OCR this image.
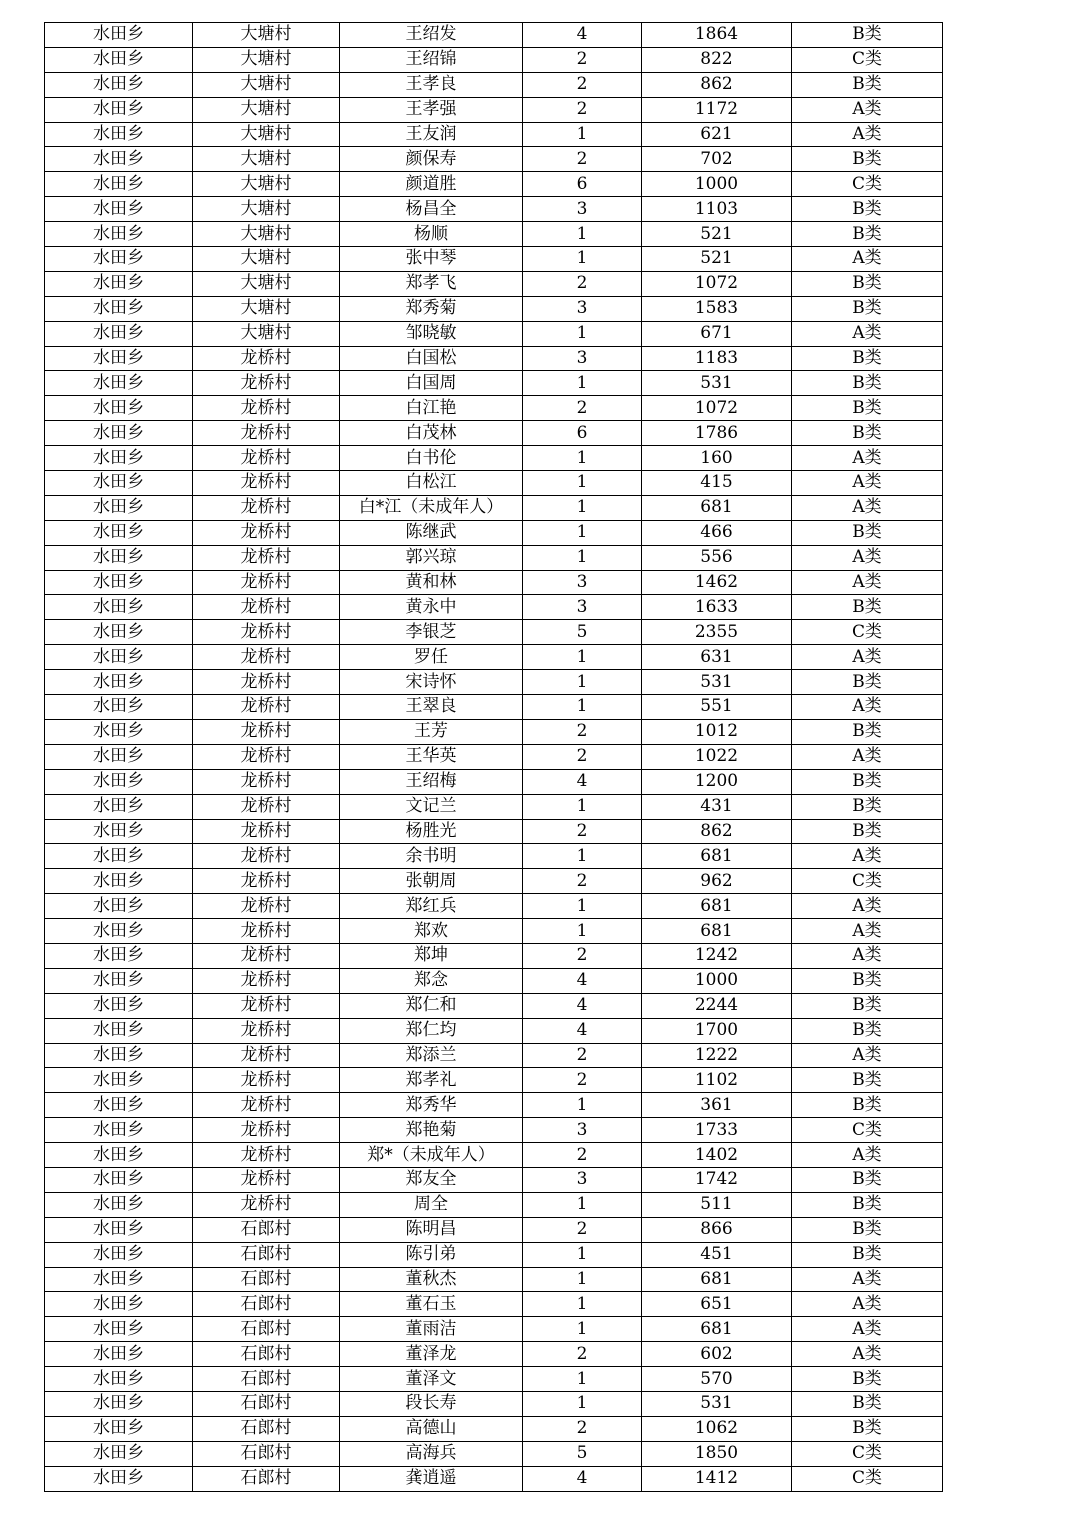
水田乡	大塘村	王绍发	4	1864	B类
水田乡	大塘村	王绍锦	2	822	C类
水田乡	大塘村	王孝良	2	862	B类
水田乡	大塘村	王孝强	2	1172	A类
水田乡	大塘村	王友润	1	621	A类
水田乡	大塘村	颜保寿	2	702	B类
水田乡	大塘村	颜道胜	6	1000	C类
水田乡	大塘村	杨昌全	3	1103	B类
水田乡	大塘村	杨顺	1	521	B类
水田乡	大塘村	张中琴	1	521	A类
水田乡	大塘村	郑孝飞	2	1072	B类
水田乡	大塘村	郑秀菊	3	1583	B类
水田乡	大塘村	邹晓敏	1	671	A类
水田乡	龙桥村	白国松	3	1183	B类
水田乡	龙桥村	白国周	1	531	B类
水田乡	龙桥村	白江艳	2	1072	B类
水田乡	龙桥村	白茂林	6	1786	B类
水田乡	龙桥村	白书伦	1	160	A类
水田乡	龙桥村	白松江	1	415	A类
水田乡	龙桥村	白*江（未成年人）	1	681	A类
水田乡	龙桥村	陈继武	1	466	B类
水田乡	龙桥村	郭兴琼	1	556	A类
水田乡	龙桥村	黄和林	3	1462	A类
水田乡	龙桥村	黄永中	3	1633	B类
水田乡	龙桥村	李银芝	5	2355	C类
水田乡	龙桥村	罗任	1	631	A类
水田乡	龙桥村	宋诗怀	1	531	B类
水田乡	龙桥村	王翠良	1	551	A类
水田乡	龙桥村	王芳	2	1012	B类
水田乡	龙桥村	王华英	2	1022	A类
水田乡	龙桥村	王绍梅	4	1200	B类
水田乡	龙桥村	文记兰	1	431	B类
水田乡	龙桥村	杨胜光	2	862	B类
水田乡	龙桥村	余书明	1	681	A类
水田乡	龙桥村	张朝周	2	962	C类
水田乡	龙桥村	郑红兵	1	681	A类
水田乡	龙桥村	郑欢	1	681	A类
水田乡	龙桥村	郑坤	2	1242	A类
水田乡	龙桥村	郑念	4	1000	B类
水田乡	龙桥村	郑仁和	4	2244	B类
水田乡	龙桥村	郑仁均	4	1700	B类
水田乡	龙桥村	郑添兰	2	1222	A类
水田乡	龙桥村	郑孝礼	2	1102	B类
水田乡	龙桥村	郑秀华	1	361	B类
水田乡	龙桥村	郑艳菊	3	1733	C类
水田乡	龙桥村	郑*（未成年人）	2	1402	A类
水田乡	龙桥村	郑友全	3	1742	B类
水田乡	龙桥村	周全	1	511	B类
水田乡	石郎村	陈明昌	2	866	B类
水田乡	石郎村	陈引弟	1	451	B类
水田乡	石郎村	董秋杰	1	681	A类
水田乡	石郎村	董石玉	1	651	A类
水田乡	石郎村	董雨洁	1	681	A类
水田乡	石郎村	董泽龙	2	602	A类
水田乡	石郎村	董泽文	1	570	B类
水田乡	石郎村	段长寿	1	531	B类
水田乡	石郎村	高德山	2	1062	B类
水田乡	石郎村	高海兵	5	1850	C类
水田乡	石郎村	龚逍遥	4	1412	C类
